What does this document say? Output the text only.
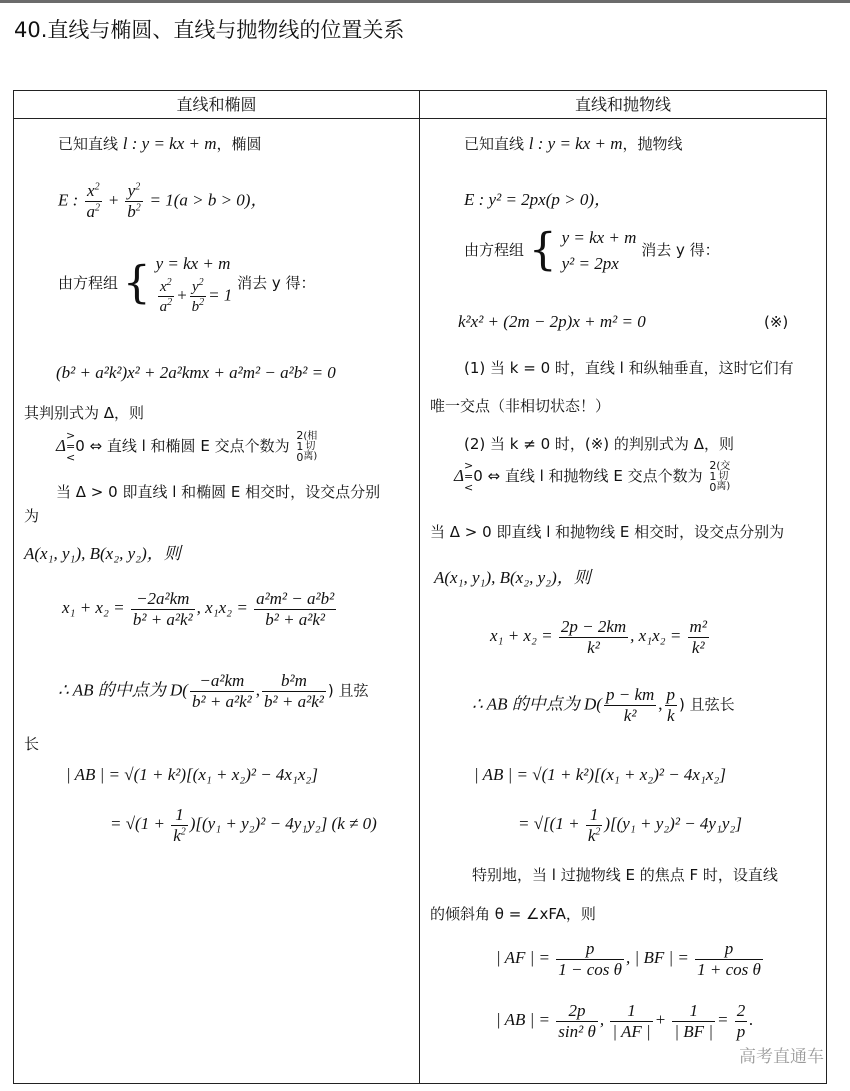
40.直线与椭圆、直线与抛物线的位置关系
直线和椭圆	直线和抛物线
已知直线 l : y = kx + m，椭圆
E : $\frac{x^2}{a^2} + \frac{y^2}{b^2} = 1(a > b > 0)$，
由方程组 { y = kx + m
$\frac{x^2}{a^2} + \frac{y^2}{b^2} = 1$
消去 y 得：
(b² + a²k²)x² + 2a²kmx + a²m² − a²b² = 0
其判别式为 Δ，则
Δ>
=
<0 ⇔ 直线 l 和椭圆 E 交点个数为 2
1
0(相
切
离)
当 Δ > 0 即直线 l 和椭圆 E 相交时，设交点分别
为
A(x₁, y₁), B(x₂, y₂)，则
$x_1 + x_2 = \frac{\text{−2a²km}}{\text{b² + a²k²}}$ , $x_1x_2 = \frac{\text{a²m² − a²b²}}{\text{b² + a²k²}}$
∴ AB 的中点为 $D( \frac{\text{−a²km}}{\text{b² + a²k²}}$ , $\frac{\text{b²m}}{\text{b² + a²k²}}$ ) 且弦
长
| AB | = √(1 + k²)[(x₁ + x₂)² − 4x₁x₂]
= $√(1 + \frac{1}{k^2} )[(y_1 + y_2)^2 - 4y_1y_2] (k \ne 0)$
已知直线 l : y = kx + m，抛物线
E : y² = 2px(p > 0)，
由方程组 { y = kx + m
y² = 2px
消去 y 得：
k²x² + (2m − 2p)x + m² = 0	(※)
(1) 当 k = 0 时，直线 l 和纵轴垂直，这时它们有
唯一交点（非相切状态！）
(2) 当 k ≠ 0 时，(※) 的判别式为 Δ，则
Δ>
=
<0 ⇔ 直线 l 和抛物线 E 交点个数为 2
1
0(交
切
离)
当 Δ > 0 即直线 l 和抛物线 E 相交时，设交点分别为
A(x₁, y₁), B(x₂, y₂)，则
$x_1 + x_2 = \frac{2p - 2km}{\text{k²}}$ , $x_1x_2 = \frac{\text{m²}}{\text{k²}}$
∴ AB 的中点为 $D( \frac{p - km}{\text{k²}}$ , $\frac{p}{k}$ ) 且弦长
| AB | = √(1 + k²)[(x₁ + x₂)² − 4x₁x₂]
= $√[(1 + \frac{1}{k^2} )[(y_1 + y_2)^2 - 4y_1y_2]$
特别地，当 l 过抛物线 E 的焦点 F 时，设直线
的倾斜角 θ = ∠xFA，则
| AF | = $\frac{p}{\text{1 − cos θ}}$ , | BF | = $\frac{p}{\text{1 + cos θ}}$
| AB | = $\frac{2p}{\text{sin² θ}}$ , $\frac{1}{| AF |} + \frac{1}{| BF |} = \frac{2}{p}$ .
高考直通车
